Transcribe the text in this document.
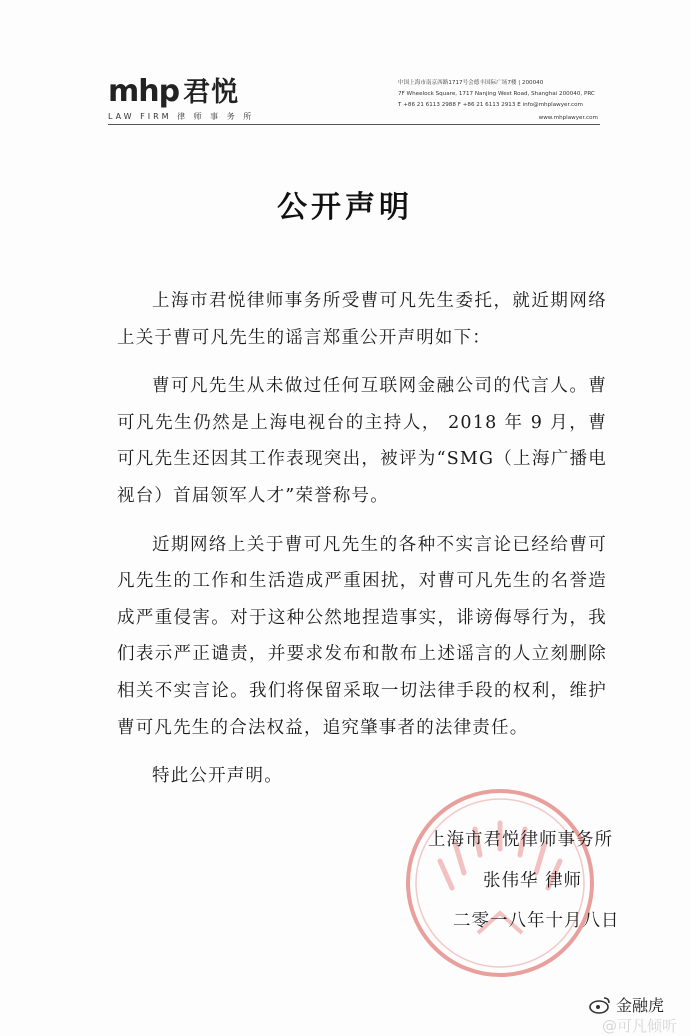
mhp 君悦
LAW FIRM 律 师 事 务 所
中国上海市南京西路1717号会德丰国际广场7楼 | 200040
7F Wheelock Square, 1717 Nanjing West Road, Shanghai 200040, PRC
T +86 21 6113 2988 F +86 21 6113 2913 E info@mhplawyer.com
www.mhplawyer.com
公开声明

上海市君悦律师事务所受曹可凡先生委托，就近期网络上关于曹可凡先生的谣言郑重公开声明如下：

曹可凡先生从未做过任何互联网金融公司的代言人。曹可凡先生仍然是上海电视台的主持人， 2018 年 9 月，曹可凡先生还因其工作表现突出，被评为“SMG（上海广播电视台）首届领军人才”荣誉称号。

近期网络上关于曹可凡先生的各种不实言论已经给曹可凡先生的工作和生活造成严重困扰，对曹可凡先生的名誉造成严重侵害。对于这种公然地捏造事实，诽谤侮辱行为，我们表示严正谴责，并要求发布和散布上述谣言的人立刻删除相关不实言论。我们将保留采取一切法律手段的权利，维护曹可凡先生的合法权益，追究肇事者的法律责任。

特此公开声明。

上海市君悦律师事务所
张伟华 律师
二零一八年十月八日
金融虎
@可凡倾听
